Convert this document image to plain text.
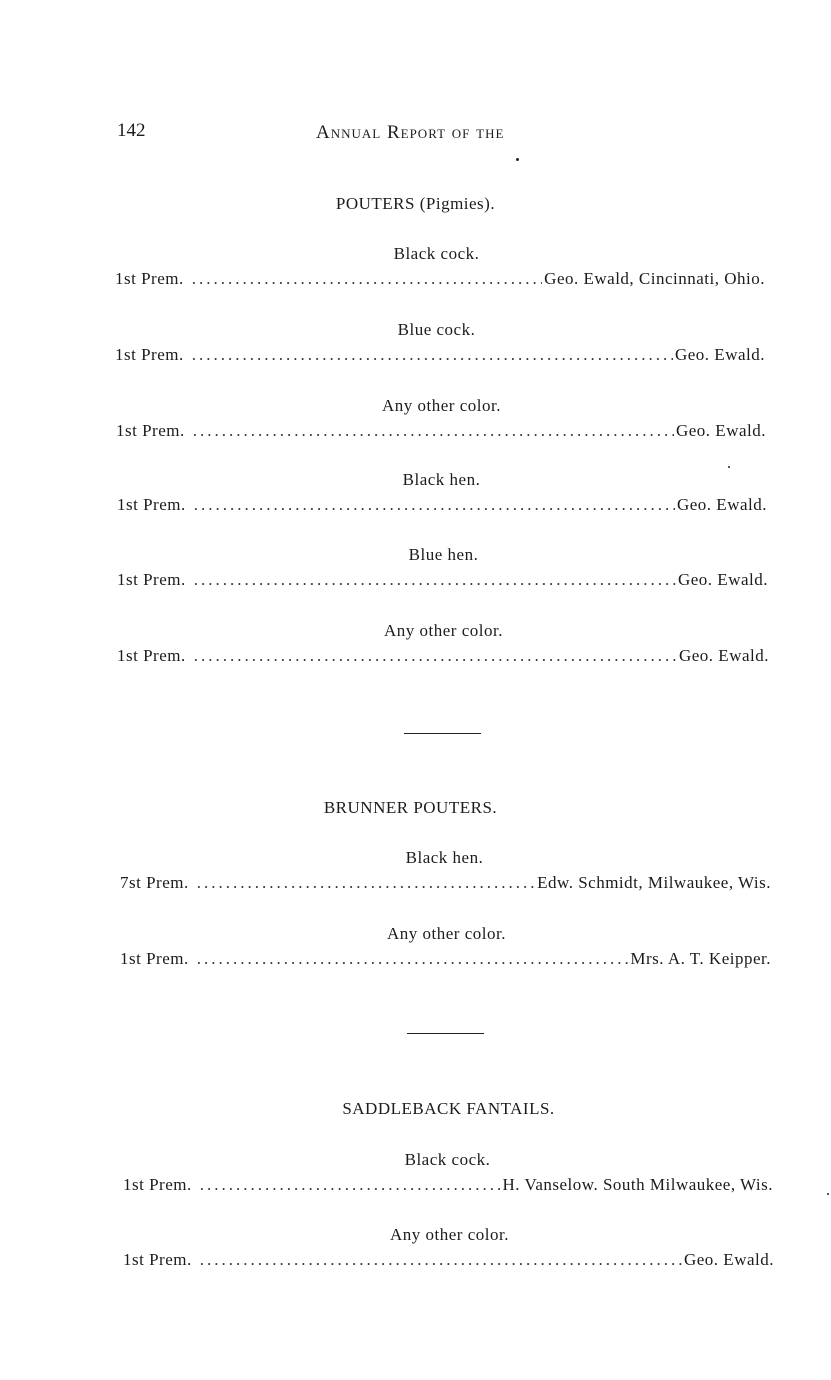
142	Annual Report of the
POUTERS (Pigmies).
Black cock.
1st Prem. .....	Geo. Ewald, Cincinnati, Ohio.
Blue cock.
1st Prem. .....	Geo. Ewald.
Any other color.
1st Prem. .....	Geo. Ewald.
Black hen.
1st Prem. .....	Geo. Ewald.
Blue hen.
1st Prem. .....	Geo. Ewald.
Any other color.
1st Prem. .....	Geo. Ewald.
BRUNNER POUTERS.
Black hen.
7st Prem. .....	Edw. Schmidt, Milwaukee, Wis.
Any other color.
1st Prem. .....	Mrs. A. T. Keipper.
SADDLEBACK FANTAILS.
Black cock.
1st Prem. .....	H. Vanselow. South Milwaukee, Wis.
Any other color.
1st Prem. .....	Geo. Ewald.
